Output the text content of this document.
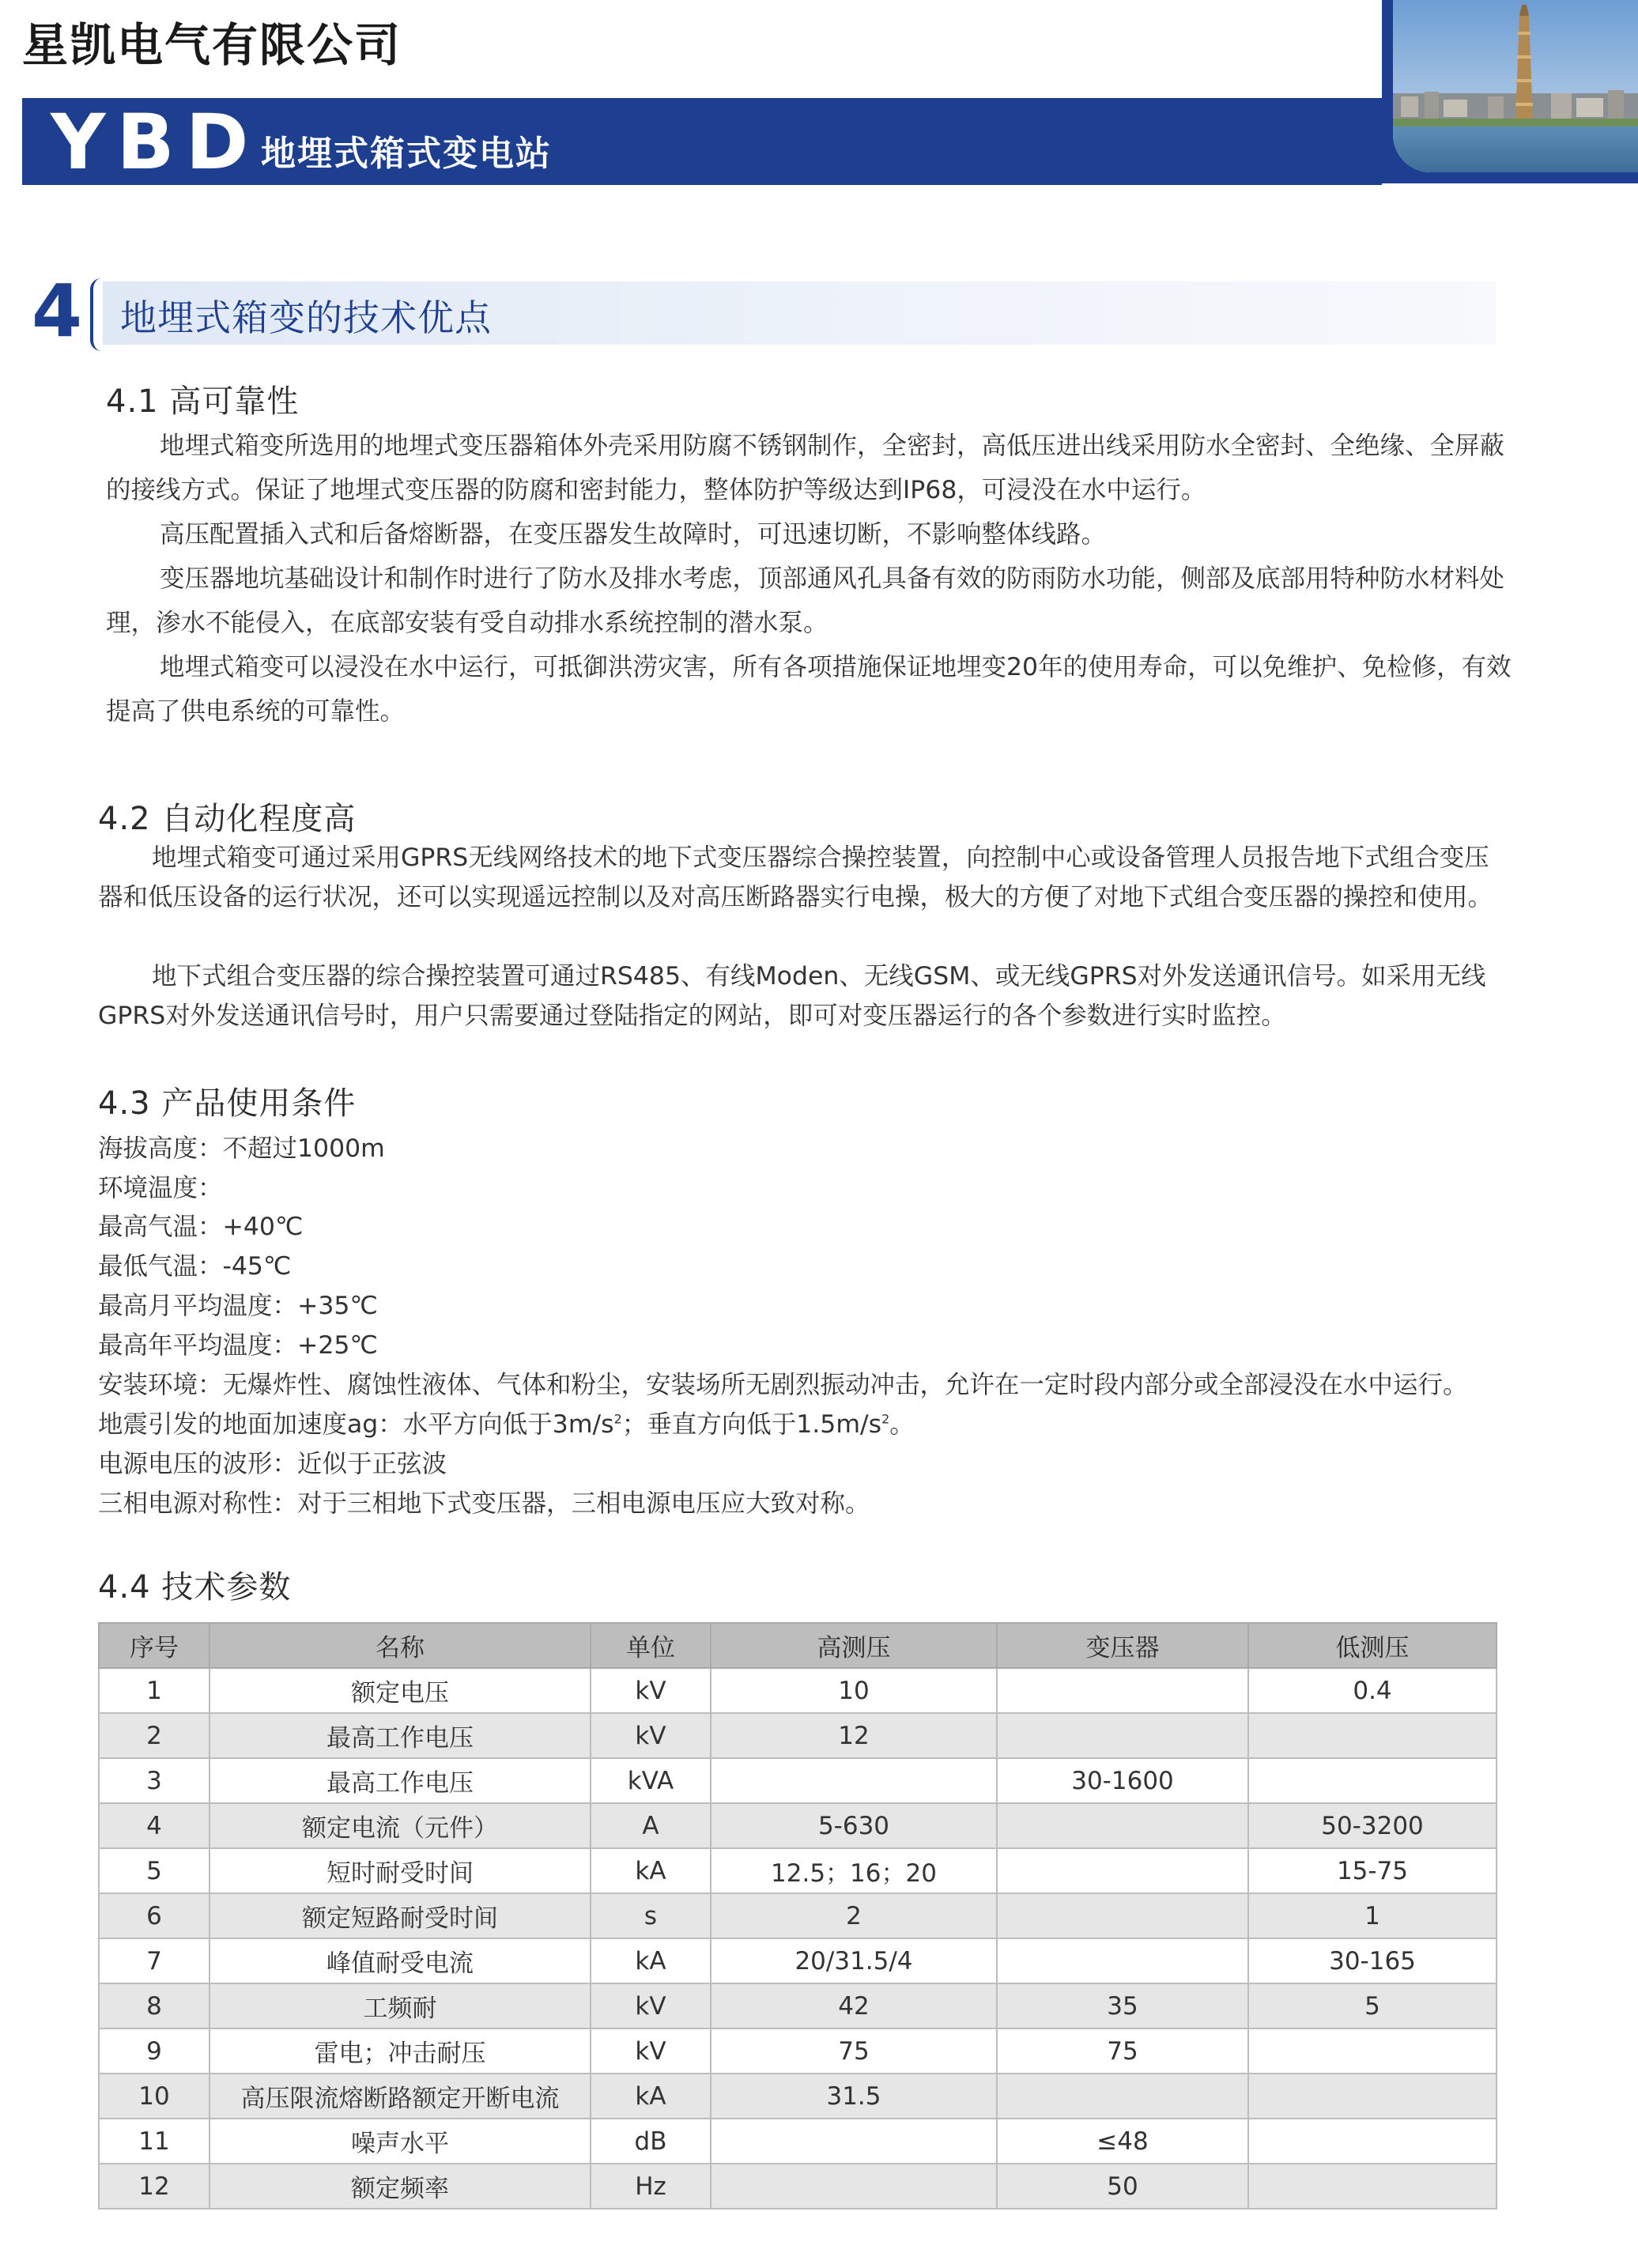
星凯电气有限公司
YBD 地埋式箱式变电站
4 地埋式箱变的技术优点
4.1 高可靠性

地埋式箱变所选用的地埋式变压器箱体外壳采用防腐不锈钢制作，全密封，高低压进出线采用防水全密封、全绝缘、全屏蔽的接线方式。保证了地埋式变压器的防腐和密封能力，整体防护等级达到IP68，可浸没在水中运行。

高压配置插入式和后备熔断器，在变压器发生故障时，可迅速切断，不影响整体线路。

变压器地坑基础设计和制作时进行了防水及排水考虑，顶部通风孔具备有效的防雨防水功能，侧部及底部用特种防水材料处理，渗水不能侵入，在底部安装有受自动排水系统控制的潜水泵。

地埋式箱变可以浸没在水中运行，可抵御洪涝灾害，所有各项措施保证地埋变20年的使用寿命，可以免维护、免检修，有效提高了供电系统的可靠性。

4.2 自动化程度高

地埋式箱变可通过采用GPRS无线网络技术的地下式变压器综合操控装置，向控制中心或设备管理人员报告地下式组合变压器和低压设备的运行状况，还可以实现遥远控制以及对高压断路器实行电操，极大的方便了对地下式组合变压器的操控和使用。

地下式组合变压器的综合操控装置可通过RS485、有线Moden、无线GSM、或无线GPRS对外发送通讯信号。如采用无线GPRS对外发送通讯信号时，用户只需要通过登陆指定的网站，即可对变压器运行的各个参数进行实时监控。

4.3 产品使用条件
海拔高度：不超过1000m
环境温度：
最高气温：+40℃
最低气温：-45℃
最高月平均温度：+35℃
最高年平均温度：+25℃
安装环境：无爆炸性、腐蚀性液体、气体和粉尘，安装场所无剧烈振动冲击，允许在一定时段内部分或全部浸没在水中运行。
地震引发的地面加速度ag：水平方向低于$3m/s^2$；垂直方向低于$1.5m/s^2$。
电源电压的波形：近似于正弦波
三相电源对称性：对于三相地下式变压器，三相电源电压应大致对称。
4.4 技术参数
序号	名称	单位	高测压	变压器	低测压
1	额定电压	kV	10		0.4
2	最高工作电压	kV	12		
3	最高工作电压	kVA		30-1600	
4	额定电流（元件）	A	5-630		50-3200
5	短时耐受时间	kA	12.5；16；20		15-75
6	额定短路耐受时间	s	2		1
7	峰值耐受电流	kA	20/31.5/4		30-165
8	工频耐	kV	42	35	5
9	雷电；冲击耐压	kV	75	75	
10	高压限流熔断路额定开断电流	kA	31.5		
11	噪声水平	dB		≤48	
12	额定频率	Hz		50	
